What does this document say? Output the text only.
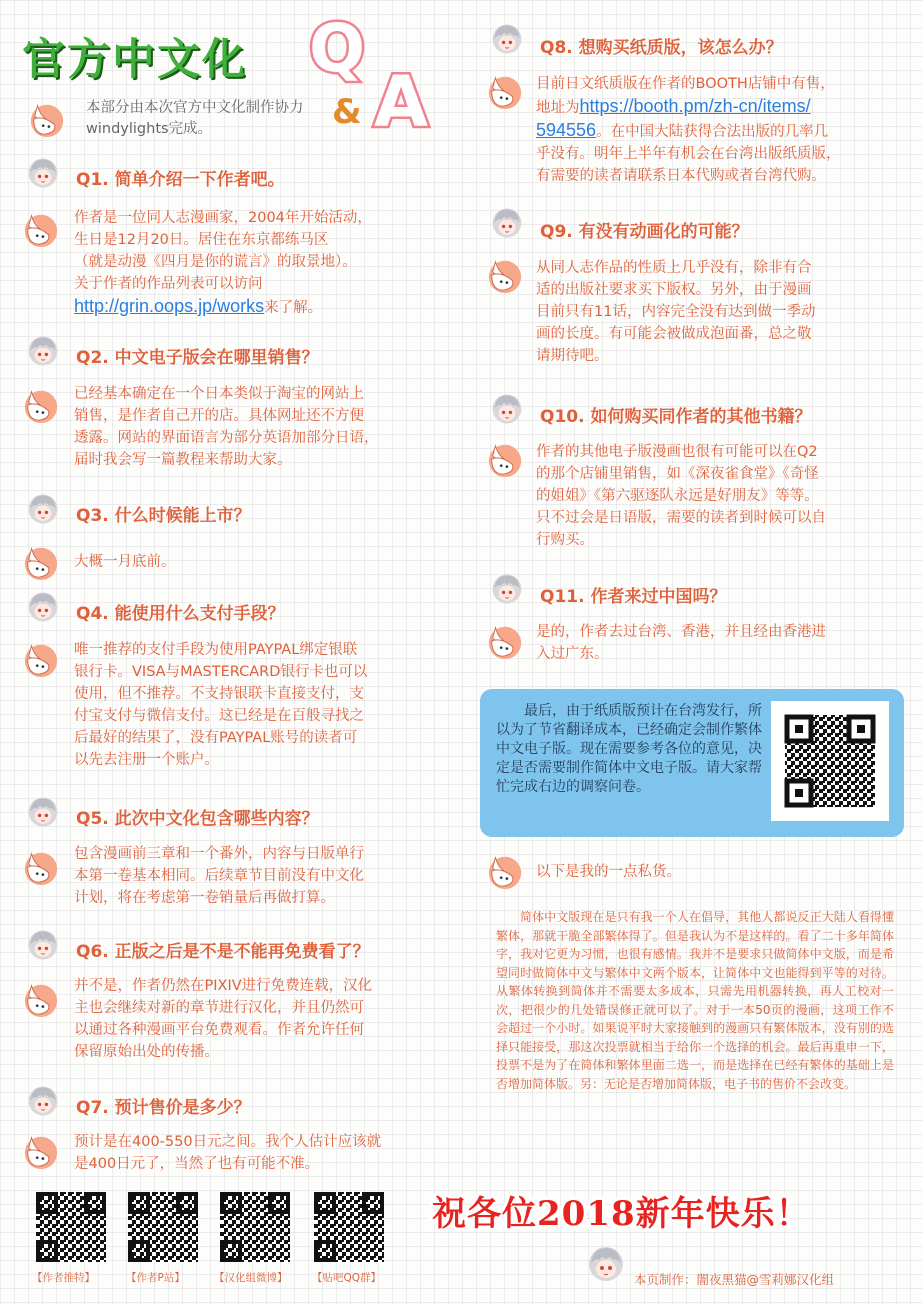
官方中文化 Q
& A
本部分由本次官方中文化制作协力windylights完成。
Q1. 简单介绍一下作者吧。
作者是一位同人志漫画家，2004年开始活动，
生日是12月20日。居住在东京都练马区
（就是动漫《四月是你的谎言》的取景地）。
关于作者的作品列表可以访问
http://grin.oops.jp/works来了解。
Q2. 中文电子版会在哪里销售？
已经基本确定在一个日本类似于淘宝的网站上
销售，是作者自己开的店。具体网址还不方便
透露。网站的界面语言为部分英语加部分日语，
届时我会写一篇教程来帮助大家。
Q3. 什么时候能上市？
大概一月底前。
Q4. 能使用什么支付手段？
唯一推荐的支付手段为使用PAYPAL绑定银联
银行卡。VISA与MASTERCARD银行卡也可以
使用，但不推荐。不支持银联卡直接支付，支
付宝支付与微信支付。这已经是在百般寻找之
后最好的结果了，没有PAYPAL账号的读者可
以先去注册一个账户。
Q5. 此次中文化包含哪些内容？
包含漫画前三章和一个番外，内容与日版单行
本第一卷基本相同。后续章节目前没有中文化
计划，将在考虑第一卷销量后再做打算。
Q6. 正版之后是不是不能再免费看了？
并不是，作者仍然在PIXIV进行免费连载，汉化
主也会继续对新的章节进行汉化，并且仍然可
以通过各种漫画平台免费观看。作者允许任何
保留原始出处的传播。
Q7. 预计售价是多少？
预计是在400-550日元之间。我个人估计应该就
是400日元了，当然了也有可能不准。
【作者推特】	【作者P站】	【汉化组微博】 【贴吧QQ群】
Q8. 想购买纸质版，该怎么办？
目前日文纸质版在作者的BOOTH店铺中有售，
地址为https://booth.pm/zh-cn/items/
594556。在中国大陆获得合法出版的几率几
乎没有。明年上半年有机会在台湾出版纸质版，
有需要的读者请联系日本代购或者台湾代购。
Q9. 有没有动画化的可能？
从同人志作品的性质上几乎没有，除非有合
适的出版社要求买下版权。另外，由于漫画
目前只有11话，内容完全没有达到做一季动
画的长度。有可能会被做成泡面番，总之敬
请期待吧。
Q10. 如何购买同作者的其他书籍？
作者的其他电子版漫画也很有可能可以在Q2
的那个店铺里销售，如《深夜雀食堂》《奇怪
的姐姐》《第六驱逐队永远是好朋友》等等。
只不过会是日语版，需要的读者到时候可以自
行购买。
Q11. 作者来过中国吗？
是的，作者去过台湾、香港，并且经由香港进
入过广东。
最后，由于纸质版预计在台湾发行，所以为了节省翻译成本，已经确定会制作繁体中文电子版。现在需要参考各位的意见，决定是否需要制作简体中文电子版。请大家帮忙完成右边的调察问卷。
以下是我的一点私货。
简体中文版现在是只有我一个人在倡导，其他人都说反正大陆人看得懂繁体，那就干脆全部繁体得了。但是我认为不是这样的。看了二十多年简体字，我对它更为习惯，也很有感情。我并不是要求只做简体中文版，而是希望同时做简体中文与繁体中文两个版本，让简体中文也能得到平等的对待。从繁体转换到简体并不需要太多成本，只需先用机器转换，再人工校对一次，把很少的几处错误修正就可以了。对于一本50页的漫画，这项工作不会超过一个小时。如果说平时大家接触到的漫画只有繁体版本，没有别的选择只能接受，那这次投票就相当于给你一个选择的机会。最后再重申一下，投票不是为了在简体和繁体里面二选一，而是选择在已经有繁体的基础上是否增加简体版。另：无论是否增加简体版，电子书的售价不会改变。
祝各位2018新年快乐！
本页制作：闇夜黑猫@雪莉娜汉化组
